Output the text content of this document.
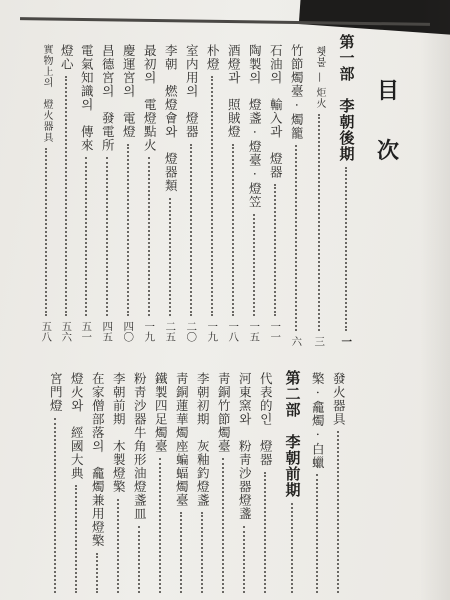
目
次
第一部　李朝後期
一
횃불 — 炬火
三
竹節燭臺 · 燭籠
六
石油의　輸入과　燈器
一一
陶製의　燈盞 · 燈臺 · 燈笠
一五
酒燈과　照賊燈
一八
朴燈
一九
室内用의　燈器
二〇
李朝　燃燈會와　燈器類
二五
最初의　電燈點火
一九
慶運宮의　電燈
四〇
昌德宮의　發電所
四五
電氣知識의　傳來
五一
燈心
五六
實物上의　燈火器具
五八
發火器具
檠 · 龕燭 · 白蠟
第二部　李朝前期
代表的인　燈器
河東窯와　粉靑沙器燈盞
靑銅竹節燭臺
李朝初期　灰釉釣燈盞
靑銅蓮華燭座蝙蝠燭臺
鐵製四足燭臺
粉靑沙器牛角形油燈盞皿
李朝前期　木製燈檠
在家僧部落의　龕燭兼用燈檠
燈火와　經國大典
宮門燈
